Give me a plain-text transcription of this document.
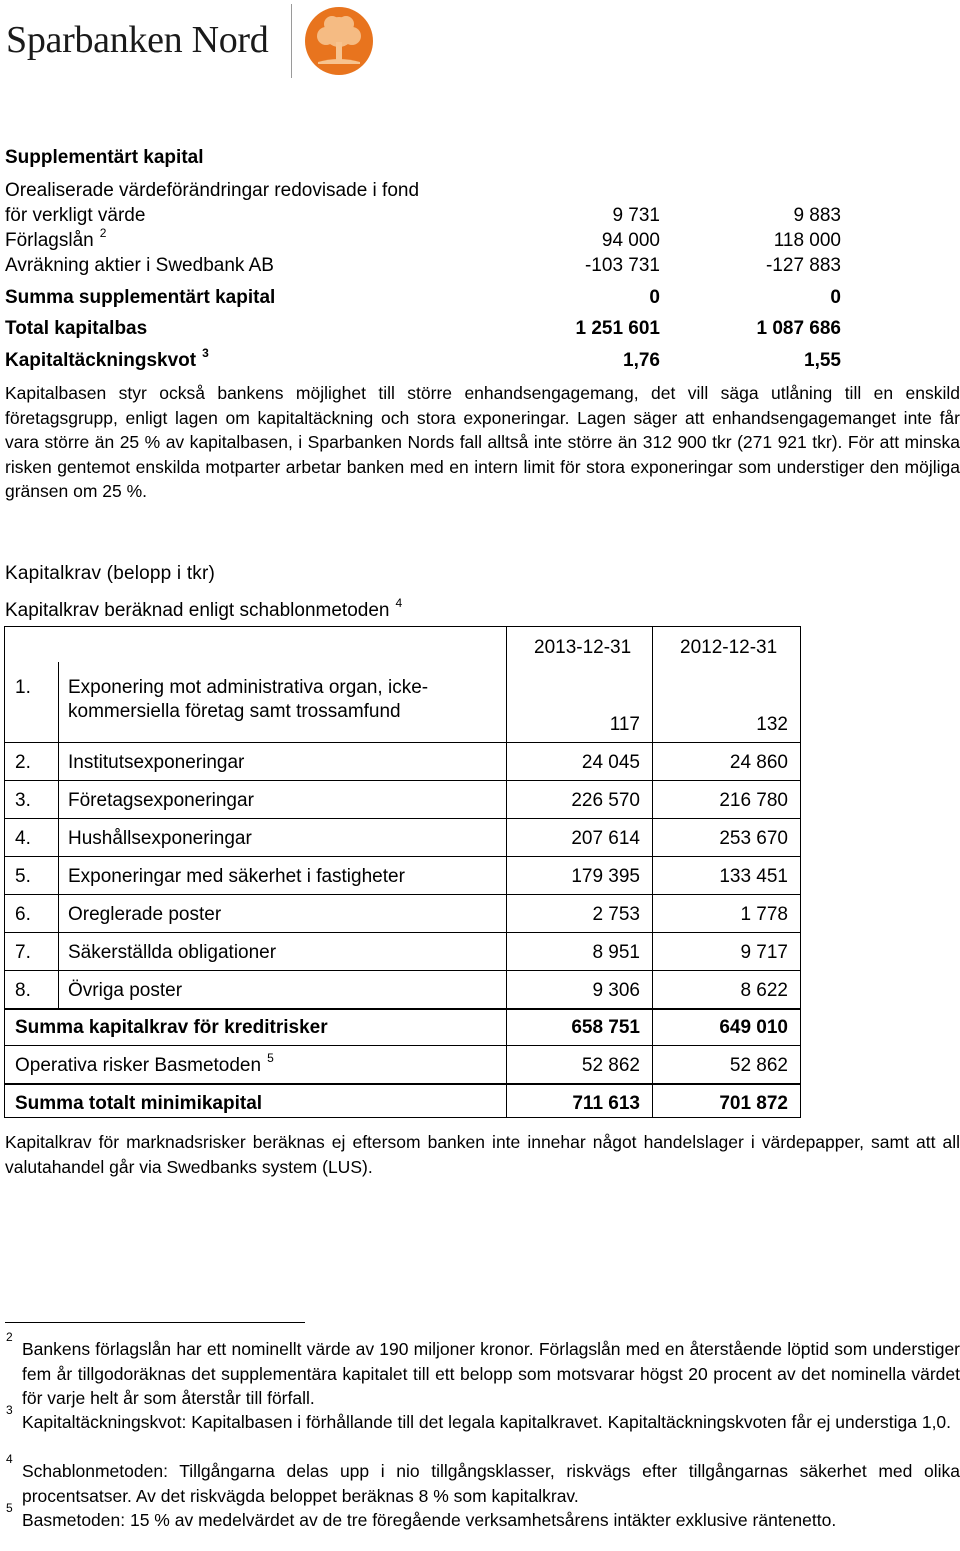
Sparbanken Nord
Supplementärt kapital
Orealiserade värdeförändringar redovisade i fond
för verkligt värde	9 731	9 883
Förlagslån $^2$	94 000	118 000
Avräkning aktier i Swedbank AB	-103 731	-127 883
Summa supplementärt kapital	0	0
Total kapitalbas	1 251 601	1 087 686
Kapitaltäckningskvot $^3$	1,76	1,55
Kapitalbasen styr också bankens möjlighet till större enhandsengagemang, det vill säga utlåning till en enskild företagsgrupp, enligt lagen om kapitaltäckning och stora exponeringar. Lagen säger att enhandsengagemanget inte får vara större än 25 % av kapitalbasen, i Sparbanken Nords fall alltså inte större än 312 900 tkr (271 921 tkr). För att minska risken gentemot enskilda motparter arbetar banken med en intern limit för stora exponeringar som understiger den möjliga gränsen om 25 %.
Kapitalkrav (belopp i tkr)
Kapitalkrav beräknad enligt schablonmetoden $^4$
2013-12-31	2012-12-31
1. Exponering mot administrativa organ, icke-
kommersiella företag samt trossamfund
117	132
2. Institutsexponeringar	24 045	24 860
3. Företagsexponeringar	226 570	216 780
4. Hushållsexponeringar	207 614	253 670
5. Exponeringar med säkerhet i fastigheter	179 395	133 451
6. Oreglerade poster	2 753	1 778
7. Säkerställda obligationer	8 951	9 717
8. Övriga poster	9 306	8 622
Summa kapitalkrav för kreditrisker	658 751	649 010
Operativa risker Basmetoden $^5$	52 862	52 862
Summa totalt minimikapital	711 613	701 872
Kapitalkrav för marknadsrisker beräknas ej eftersom banken inte innehar något handelslager i värdepapper, samt att all valutahandel går via Swedbanks system (LUS).
2
Bankens förlagslån har ett nominellt värde av 190 miljoner kronor. Förlagslån med en återstående löptid som understiger fem år tillgodoräknas det supplementära kapitalet till ett belopp som motsvarar högst 20 procent av det nominella värdet för varje helt år som återstår till förfall.
3
Kapitaltäckningskvot: Kapitalbasen i förhållande till det legala kapitalkravet. Kapitaltäckningskvoten får ej understiga 1,0.
4
Schablonmetoden: Tillgångarna delas upp i nio tillgångsklasser, riskvägs efter tillgångarnas säkerhet med olika procentsatser. Av det riskvägda beloppet beräknas 8 % som kapitalkrav.
5
Basmetoden: 15 % av medelvärdet av de tre föregående verksamhetsårens intäkter exklusive räntenetto.
